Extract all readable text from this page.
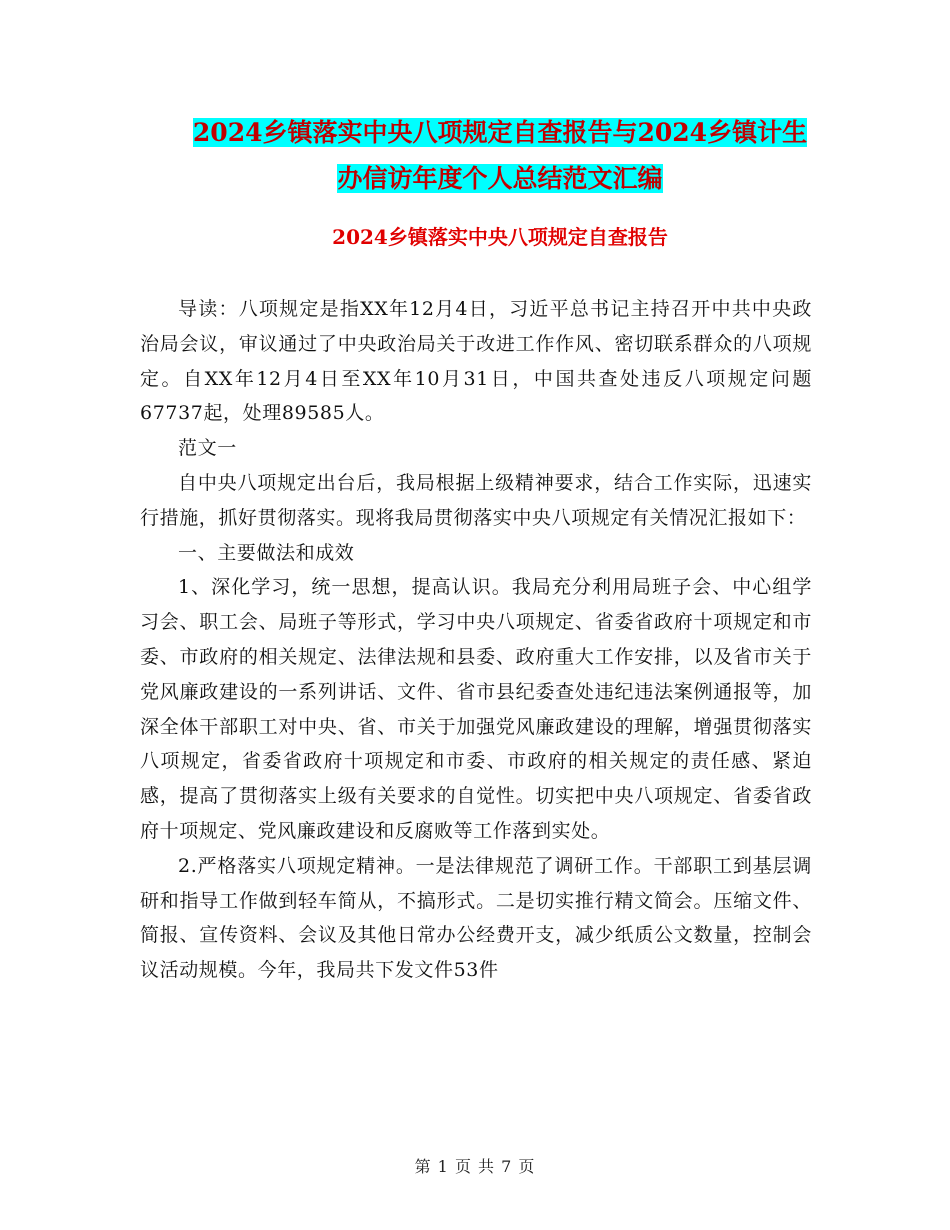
2024乡镇落实中央八项规定自查报告与2024乡镇计生
办信访年度个人总结范文汇编
2024乡镇落实中央八项规定自查报告

导读：八项规定是指XX年12月4日，习近平总书记主持召开中共中央政治局会议，审议通过了中央政治局关于改进工作作风、密切联系群众的八项规定。自XX年12月4日至XX年10月31日，中国共查处违反八项规定问题67737起，处理89585人。

范文一

自中央八项规定出台后，我局根据上级精神要求，结合工作实际，迅速实行措施，抓好贯彻落实。现将我局贯彻落实中央八项规定有关情况汇报如下：

一、主要做法和成效

1、深化学习，统一思想，提高认识。我局充分利用局班子会、中心组学习会、职工会、局班子等形式，学习中央八项规定、省委省政府十项规定和市委、市政府的相关规定、法律法规和县委、政府重大工作安排，以及省市关于党风廉政建设的一系列讲话、文件、省市县纪委查处违纪违法案例通报等，加深全体干部职工对中央、省、市关于加强党风廉政建设的理解，增强贯彻落实八项规定，省委省政府十项规定和市委、市政府的相关规定的责任感、紧迫感，提高了贯彻落实上级有关要求的自觉性。切实把中央八项规定、省委省政府十项规定、党风廉政建设和反腐败等工作落到实处。

2.严格落实八项规定精神。一是法律规范了调研工作。干部职工到基层调研和指导工作做到轻车简从，不搞形式。二是切实推行精文简会。压缩文件、简报、宣传资料、会议及其他日常办公经费开支，减少纸质公文数量，控制会议活动规模。今年，我局共下发文件53件

第 1 页 共 7 页
